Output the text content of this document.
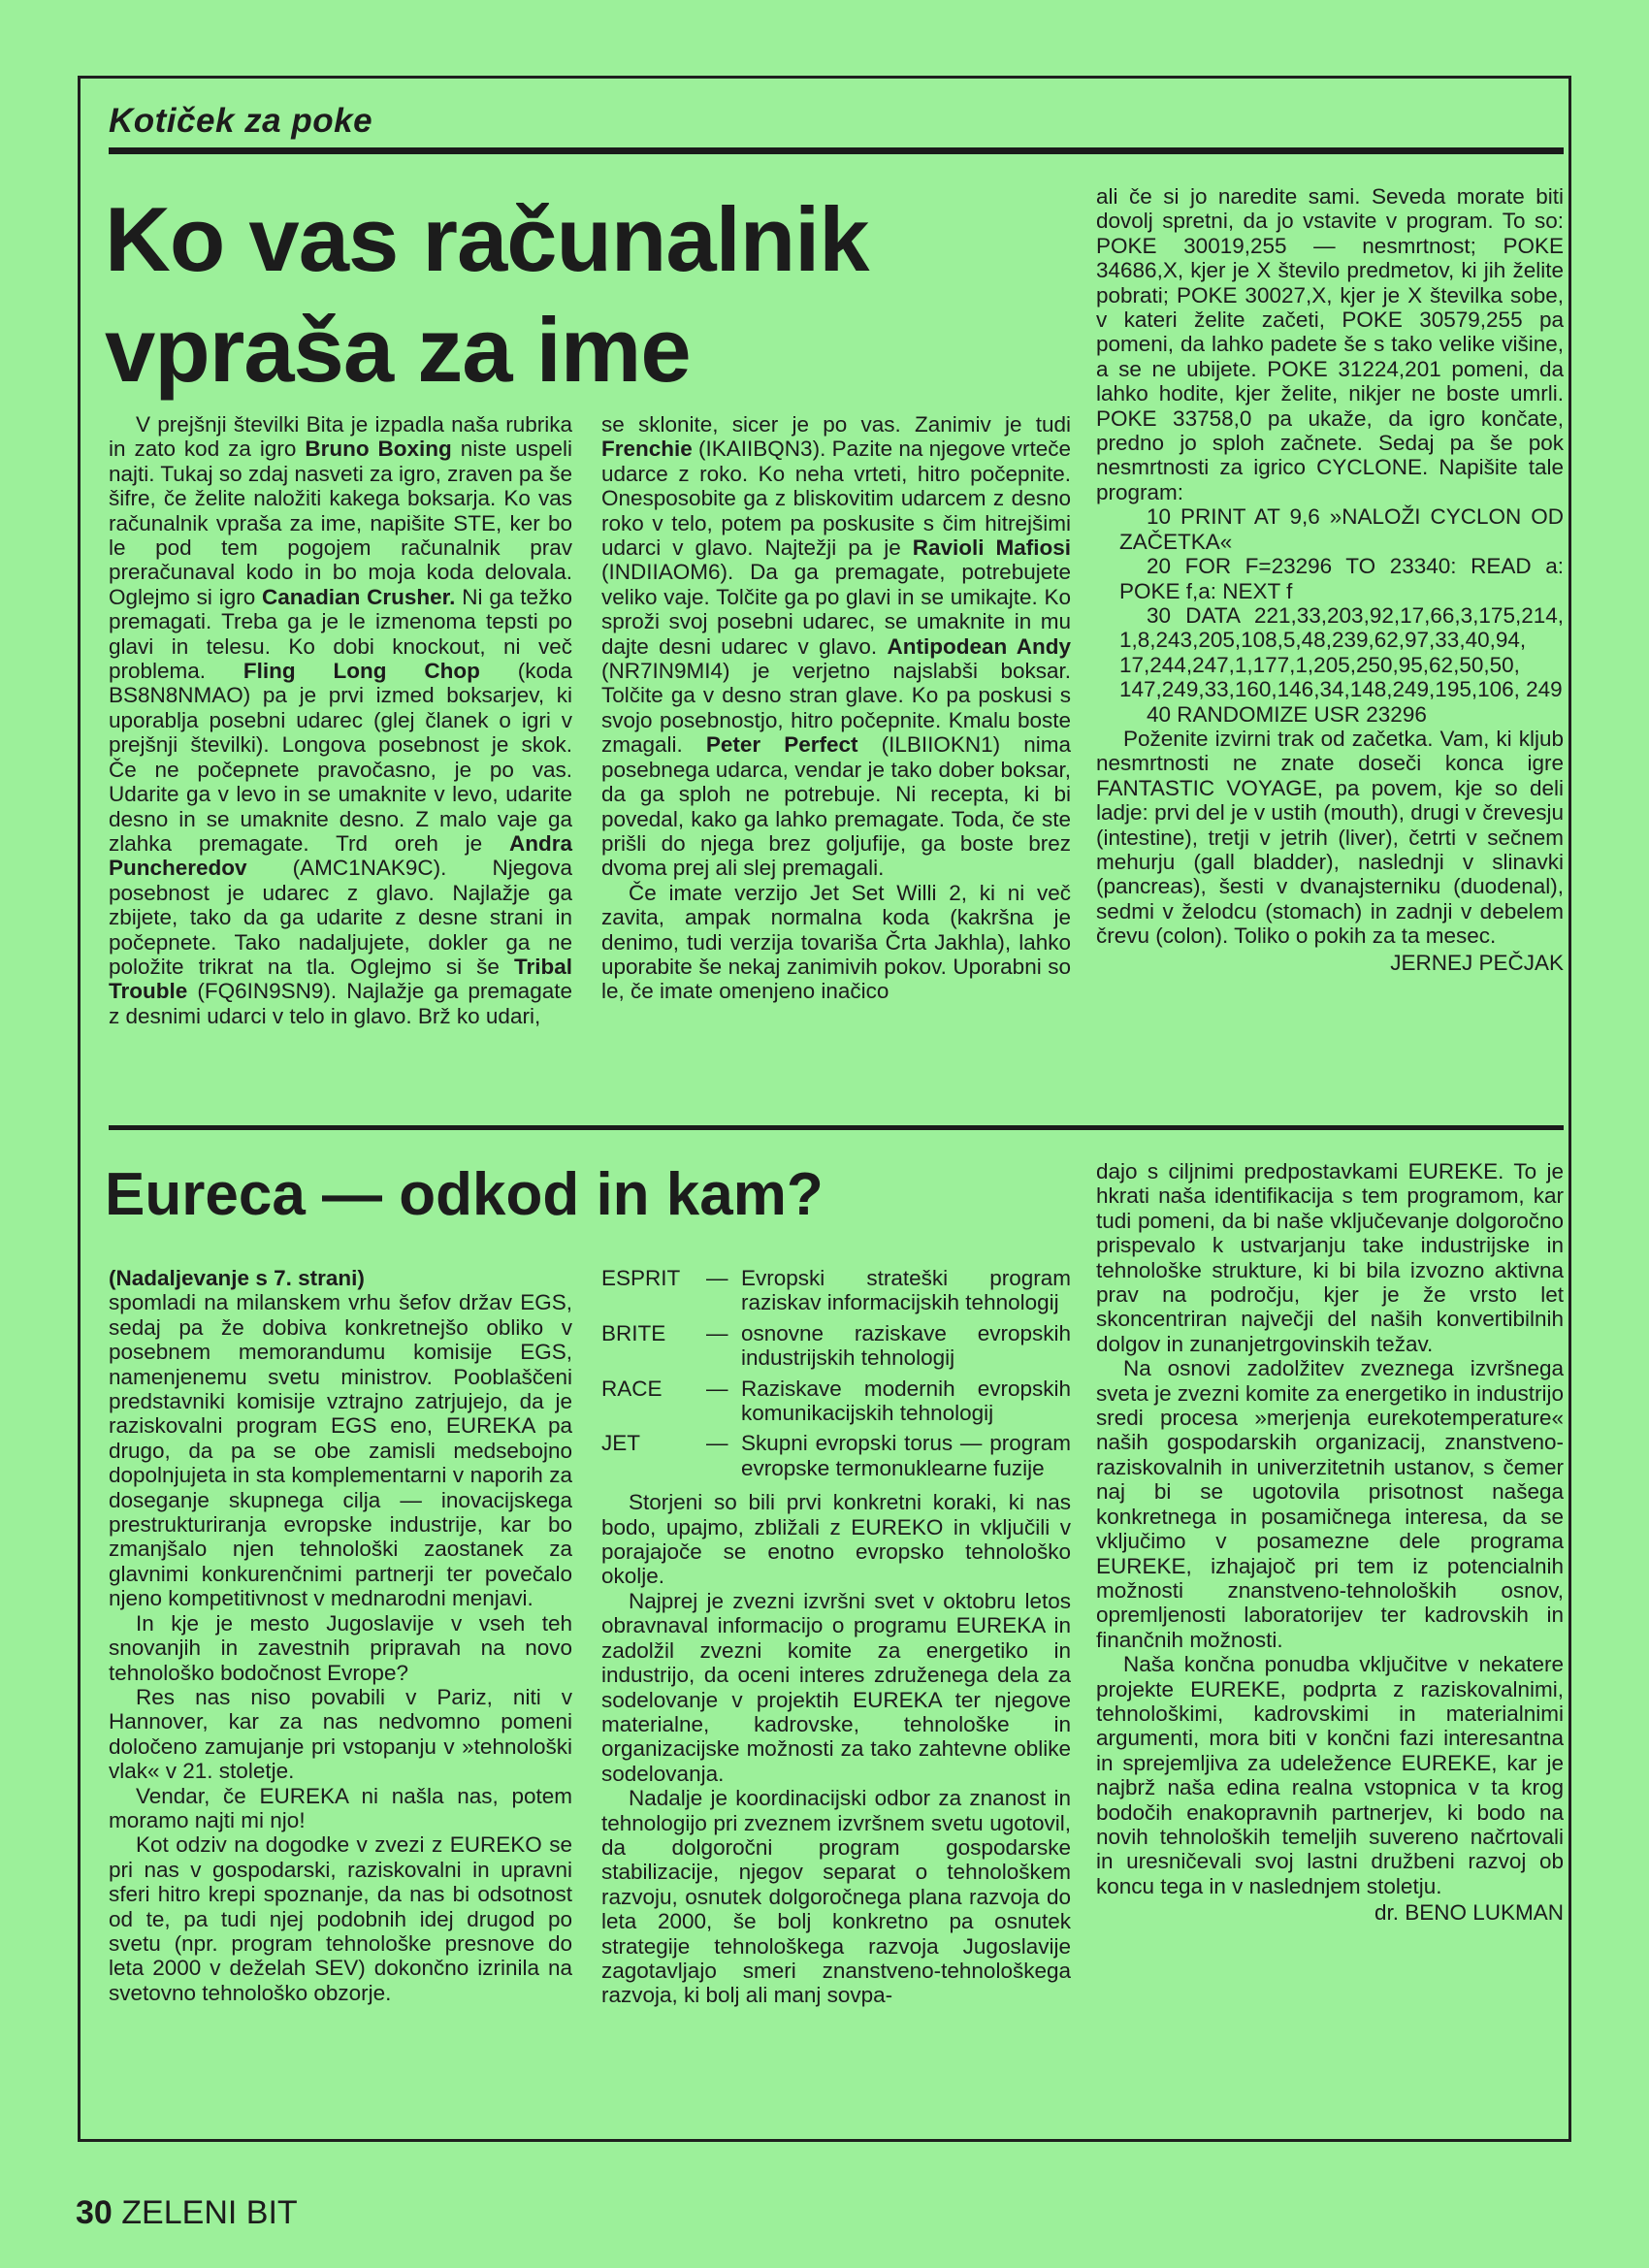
Kotiček za poke
Ko vas računalnik vpraša za ime

V prejšnji številki Bita je izpadla naša rubrika in zato kod za igro Bruno Boxing niste uspeli najti. Tukaj so zdaj nasveti za igro, zraven pa še šifre, če želite naložiti kakega boksarja. Ko vas računalnik vpraša za ime, napišite STE, ker bo le pod tem pogojem računalnik prav preračunaval kodo in bo moja koda delovala. Oglejmo si igro Canadian Crusher. Ni ga težko premagati. Treba ga je le izmenoma tepsti po glavi in telesu. Ko dobi knockout, ni več problema. Fling Long Chop (koda BS8N8NMAO) pa je prvi izmed boksarjev, ki uporablja posebni udarec (glej članek o igri v prejšnji številki). Longova posebnost je skok. Če ne počepnete pravočasno, je po vas. Udarite ga v levo in se umaknite v levo, udarite desno in se umaknite desno. Z malo vaje ga zlahka premagate. Trd oreh je Andra Puncheredov (AMC1NAK9C). Njegova posebnost je udarec z glavo. Najlažje ga zbijete, tako da ga udarite z desne strani in počepnete. Tako nadaljujete, dokler ga ne položite trikrat na tla. Oglejmo si še Tribal Trouble (FQ6IN9SN9). Najlažje ga premagate z desnimi udarci v telo in glavo. Brž ko udari,

se sklonite, sicer je po vas. Zanimiv je tudi Frenchie (IKAIIBQN3). Pazite na njegove vrteče udarce z roko. Ko neha vrteti, hitro počepnite. Onesposobite ga z bliskovitim udarcem z desno roko v telo, potem pa poskusite s čim hitrejšimi udarci v glavo. Najtežji pa je Ravioli Mafiosi (INDIIAOM6). Da ga premagate, potrebujete veliko vaje. Tolčite ga po glavi in se umikajte. Ko sproži svoj posebni udarec, se umaknite in mu dajte desni udarec v glavo. Antipodean Andy (NR7IN9MI4) je verjetno najslabši boksar. Tolčite ga v desno stran glave. Ko pa poskusi s svojo posebnostjo, hitro počepnite. Kmalu boste zmagali. Peter Perfect (ILBIIOKN1) nima posebnega udarca, vendar je tako dober boksar, da ga sploh ne potrebuje. Ni recepta, ki bi povedal, kako ga lahko premagate. Toda, če ste prišli do njega brez goljufije, ga boste brez dvoma prej ali slej premagali.

Če imate verzijo Jet Set Willi 2, ki ni več zavita, ampak normalna koda (kakršna je denimo, tudi verzija tovariša Črta Jakhla), lahko uporabite še nekaj zanimivih pokov. Uporabni so le, če imate omenjeno inačico

ali če si jo naredite sami. Seveda morate biti dovolj spretni, da jo vstavite v program. To so: POKE 30019,255 — nesmrtnost; POKE 34686,X, kjer je X število predmetov, ki jih želite pobrati; POKE 30027,X, kjer je X številka sobe, v kateri želite začeti, POKE 30579,255 pa pomeni, da lahko padete še s tako velike višine, a se ne ubijete. POKE 31224,201 pomeni, da lahko hodite, kjer želite, nikjer ne boste umrli. POKE 33758,0 pa ukaže, da igro končate, predno jo sploh začnete. Sedaj pa še pok nesmrtnosti za igrico CYCLONE. Napišite tale program:

10 PRINT AT 9,6 »NALOŽI CYCLON OD ZAČETKA«

20 FOR F=23296 TO 23340: READ a: POKE f,a: NEXT f

30 DATA 221,33,203,92,17,66,3,175,214, 1,8,243,205,108,5,48,239,62,97,33,40,94, 17,244,247,1,177,1,205,250,95,62,50,50, 147,249,33,160,146,34,148,249,195,106, 249

40 RANDOMIZE USR 23296

Poženite izvirni trak od začetka. Vam, ki kljub nesmrtnosti ne znate doseči konca igre FANTASTIC VOYAGE, pa povem, kje so deli ladje: prvi del je v ustih (mouth), drugi v črevesju (intestine), tretji v jetrih (liver), četrti v sečnem mehurju (gall bladder), naslednji v slinavki (pancreas), šesti v dvanajsterniku (duodenal), sedmi v želodcu (stomach) in zadnji v debelem črevu (colon). Toliko o pokih za ta mesec.

JERNEJ PEČJAK
Eureca — odkod in kam?

(Nadaljevanje s 7. strani)

spomladi na milanskem vrhu šefov držav EGS, sedaj pa že dobiva konkretnejšo obliko v posebnem memorandumu komisije EGS, namenjenemu svetu ministrov. Pooblaščeni predstavniki komisije vztrajno zatrjujejo, da je raziskovalni program EGS eno, EUREKA pa drugo, da pa se obe zamisli medsebojno dopolnjujeta in sta komplementarni v naporih za doseganje skupnega cilja — inovacijskega prestrukturiranja evropske industrije, kar bo zmanjšalo njen tehnološki zaostanek za glavnimi konkurenčnimi partnerji ter povečalo njeno kompetitivnost v mednarodni menjavi.

In kje je mesto Jugoslavije v vseh teh snovanjih in zavestnih pripravah na novo tehnološko bodočnost Evrope?

Res nas niso povabili v Pariz, niti v Hannover, kar za nas nedvomno pomeni določeno zamujanje pri vstopanju v »tehnološki vlak« v 21. stoletje.

Vendar, če EUREKA ni našla nas, potem moramo najti mi njo!

Kot odziv na dogodke v zvezi z EUREKO se pri nas v gospodarski, raziskovalni in upravni sferi hitro krepi spoznanje, da nas bi odsotnost od te, pa tudi njej podobnih idej drugod po svetu (npr. program tehnološke presnove do leta 2000 v deželah SEV) dokončno izrinila na svetovno tehnološko obzorje.

ESPRIT	— Evropski strateški program raziskav informacijskih tehnologij
BRITE	— osnovne raziskave evropskih industrijskih tehnologij
RACE	— Raziskave modernih evropskih komunikacijskih tehnologij
JET	— Skupni evropski torus — program evropske termonuklearne fuzije

Storjeni so bili prvi konkretni koraki, ki nas bodo, upajmo, zbližali z EUREKO in vključili v porajajoče se enotno evropsko tehnološko okolje.

Najprej je zvezni izvršni svet v oktobru letos obravnaval informacijo o programu EUREKA in zadolžil zvezni komite za energetiko in industrijo, da oceni interes združenega dela za sodelovanje v projektih EUREKA ter njegove materialne, kadrovske, tehnološke in organizacijske možnosti za tako zahtevne oblike sodelovanja.

Nadalje je koordinacijski odbor za znanost in tehnologijo pri zveznem izvršnem svetu ugotovil, da dolgoročni program gospodarske stabilizacije, njegov separat o tehnološkem razvoju, osnutek dolgoročnega plana razvoja do leta 2000, še bolj konkretno pa osnutek strategije tehnološkega razvoja Jugoslavije zagotavljajo smeri znanstveno-tehnološkega razvoja, ki bolj ali manj sovpa-

dajo s ciljnimi predpostavkami EUREKE. To je hkrati naša identifikacija s tem programom, kar tudi pomeni, da bi naše vključevanje dolgoročno prispevalo k ustvarjanju take industrijske in tehnološke strukture, ki bi bila izvozno aktivna prav na področju, kjer je že vrsto let skoncentriran največji del naših konvertibilnih dolgov in zunanjetrgovinskih težav.

Na osnovi zadolžitev zveznega izvršnega sveta je zvezni komite za energetiko in industrijo sredi procesa »merjenja eurekotemperature« naših gospodarskih organizacij, znanstveno-raziskovalnih in univerzitetnih ustanov, s čemer naj bi se ugotovila prisotnost našega konkretnega in posamičnega interesa, da se vključimo v posamezne dele programa EUREKE, izhajajoč pri tem iz potencialnih možnosti znanstveno-tehnoloških osnov, opremljenosti laboratorijev ter kadrovskih in finančnih možnosti.

Naša končna ponudba vključitve v nekatere projekte EUREKE, podprta z raziskovalnimi, tehnološkimi, kadrovskimi in materialnimi argumenti, mora biti v končni fazi interesantna in sprejemljiva za udeležence EUREKE, kar je najbrž naša edina realna vstopnica v ta krog bodočih enakopravnih partnerjev, ki bodo na novih tehnoloških temeljih suvereno načrtovali in uresničevali svoj lastni družbeni razvoj ob koncu tega in v naslednjem stoletju.

dr. BENO LUKMAN
30 ZELENI BIT
